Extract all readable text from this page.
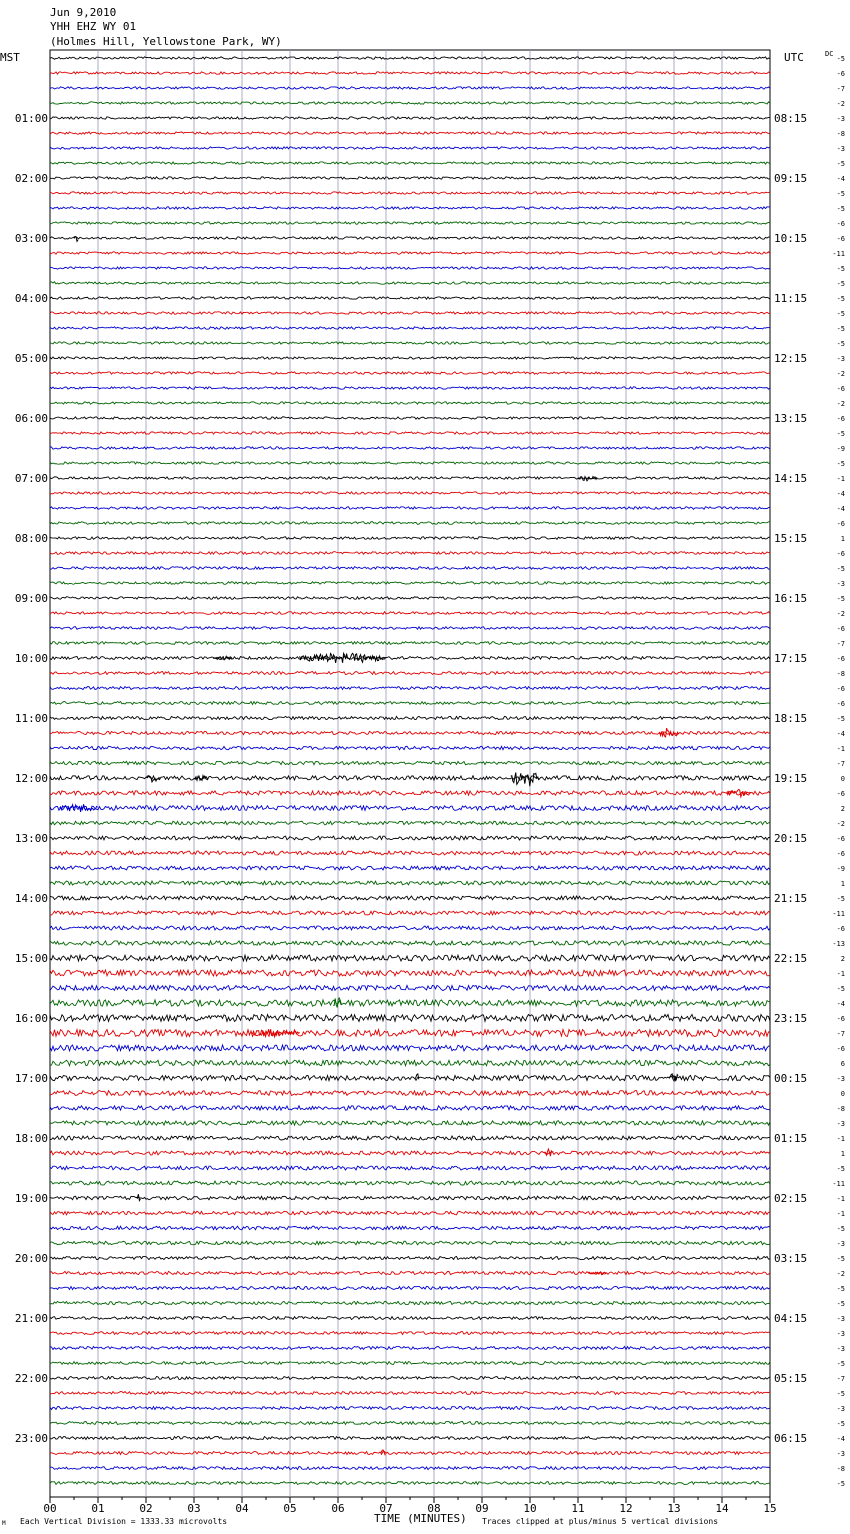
Jun 9,2010
YHH EHZ WY 01
(Holmes Hill, Yellowstone Park, WY)
MST	UTC	DC
01:00
02:00
03:00
04:00
05:00
06:00
07:00
08:00
09:00
10:00
11:00
12:00
13:00
14:00
15:00
16:00
17:00
18:00
19:00
20:00
21:00
22:00
23:00
08:15
09:15
10:15
11:15
12:15
13:15
14:15
15:15
16:15
17:15
18:15
19:15
20:15
21:15
22:15
23:15
00:15
01:15
02:15
03:15
04:15
05:15
06:15
-5
-6
-7
-2
-3
-8
-3
-5
-4
-5
-5
-6
-6
-11
-5
-5
-5
-5
-5
-5
-3
-2
-6
-2
-6
-5
-9
-5
-1
-4
-4
-6
1
-6
-5
-3
-5
-2
-6
-7
-6
-8
-6
-6
-5
-4
-1
-7
0
-6
2
-2
-6
-6
-9
1
-5
-11
-6
-13
2
-1
-5
-4
-6
-7
-6
6
-3
0
-8
-3
-1
1
-5
-11
-1
-1
-5
-3
-5
-2
-5
-5
-3
-3
-3
-5
-7
-5
-3
-5
-4
-3
-8
-5
00	01	02	03	04	05	06	07	08	09	10	11	12	13	14	15
TIME (MINUTES)
Each Vertical Division = 1333.33 microvolts	Traces clipped at plus/minus 5 vertical divisions
M
